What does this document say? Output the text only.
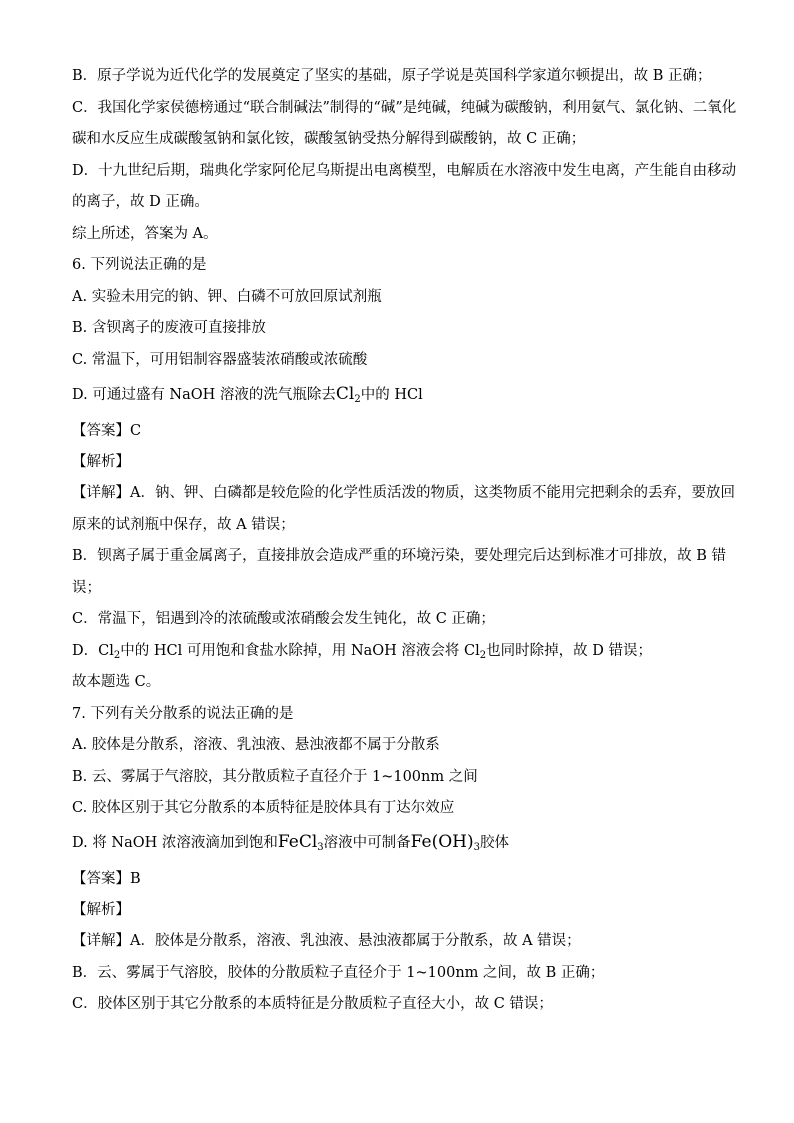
B．原子学说为近代化学的发展奠定了坚实的基础，原子学说是英国科学家道尔顿提出，故 B 正确；
C．我国化学家侯德榜通过“联合制碱法”制得的“碱”是纯碱，纯碱为碳酸钠，利用氨气、氯化钠、二氧化
碳和水反应生成碳酸氢钠和氯化铵，碳酸氢钠受热分解得到碳酸钠，故 C 正确；
D．十九世纪后期，瑞典化学家阿伦尼乌斯提出电离模型，电解质在水溶液中发生电离，产生能自由移动
的离子，故 D 正确。
综上所述，答案为 A。
6. 下列说法正确的是
A. 实验未用完的钠、钾、白磷不可放回原试剂瓶
B. 含钡离子的废液可直接排放
C. 常温下，可用铝制容器盛装浓硝酸或浓硫酸
D. 可通过盛有 NaOH 溶液的洗气瓶除去$Cl_2$中的 HCl
【答案】C
【解析】
【详解】A．钠、钾、白磷都是较危险的化学性质活泼的物质，这类物质不能用完把剩余的丢弃，要放回
原来的试剂瓶中保存，故 A 错误；
B．钡离子属于重金属离子，直接排放会造成严重的环境污染，要处理完后达到标准才可排放，故 B 错
误；
C．常温下，铝遇到冷的浓硫酸或浓硝酸会发生钝化，故 C 正确；
D．$Cl_2$中的 HCl 可用饱和食盐水除掉，用 NaOH 溶液会将 $Cl_2$也同时除掉，故 D 错误；
故本题选 C。
7. 下列有关分散系的说法正确的是
A. 胶体是分散系，溶液、乳浊液、悬浊液都不属于分散系
B. 云、雾属于气溶胶，其分散质粒子直径介于 1~100nm 之间
C. 胶体区别于其它分散系的本质特征是胶体具有丁达尔效应
D. 将 NaOH 浓溶液滴加到饱和FeCl$_3$溶液中可制备$Fe(OH)_3$胶体
【答案】B
【解析】
【详解】A．胶体是分散系，溶液、乳浊液、悬浊液都属于分散系，故 A 错误；
B．云、雾属于气溶胶，胶体的分散质粒子直径介于 1~100nm 之间，故 B 正确；
C．胶体区别于其它分散系的本质特征是分散质粒子直径大小，故 C 错误；
